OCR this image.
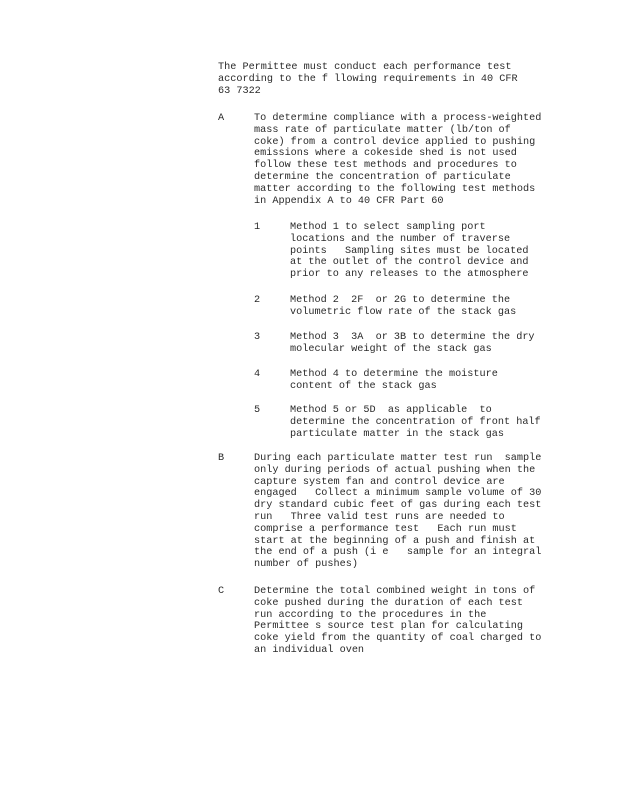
The Permittee must conduct each performance test
according to the f llowing requirements in 40 CFR
63 7322
A	To determine compliance with a process-weighted
mass rate of particulate matter (lb/ton of
coke) from a control device applied to pushing
emissions where a cokeside shed is not used
follow these test methods and procedures to
determine the concentration of particulate
matter according to the following test methods
in Appendix A to 40 CFR Part 60
1	Method 1 to select sampling port
locations and the number of traverse
points   Sampling sites must be located
at the outlet of the control device and
prior to any releases to the atmosphere
2	Method 2  2F  or 2G to determine the
volumetric flow rate of the stack gas
3	Method 3  3A  or 3B to determine the dry
molecular weight of the stack gas
4	Method 4 to determine the moisture
content of the stack gas
5	Method 5 or 5D  as applicable  to
determine the concentration of front half
particulate matter in the stack gas
B	During each particulate matter test run  sample
only during periods of actual pushing when the
capture system fan and control device are
engaged   Collect a minimum sample volume of 30
dry standard cubic feet of gas during each test
run   Three valid test runs are needed to
comprise a performance test   Each run must
start at the beginning of a push and finish at
the end of a push (i e   sample for an integral
number of pushes)
C	Determine the total combined weight in tons of
coke pushed during the duration of each test
run according to the procedures in the
Permittee s source test plan for calculating
coke yield from the quantity of coal charged to
an individual oven
